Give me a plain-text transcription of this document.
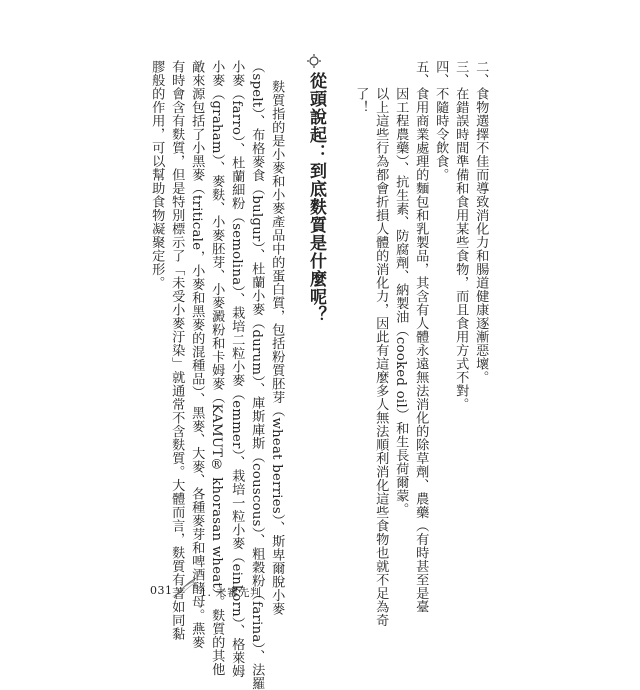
二、食物選擇不佳而導致消化力和腸道健康逐漸惡壞。
三、在錯誤時間準備和食用某些食物，而且食用方式不對。
四、不隨時令飲食。
五、食用商業處理的麵包和乳製品，其含有人體永遠無法消化的除草劑、農藥（有時甚至是臺
　　因工程農藥）、抗生素、防腐劑、納製油（cooked oil）和生長荷爾蒙。
　　以上這些行為都會折損人體的消化力，因此有這麼多人無法順利消化這些食物也就不足為奇
　　了！
從頭說起：到底麩質是什麼呢？
麩質指的是小麥和小麥產品中的蛋白質，包括粉質胚芽（wheat berries）、斯卑爾脫小麥
（spelt）、布格麥食（bulgur）、杜蘭小麥（durum）、庫斯庫斯（couscous）、粗穀粉（farina）、法羅
小麥（farro）、杜蘭細粉（semolina）、栽培二粒小麥（emmer）、栽培一粒小麥（einkorn）、格萊姆
小麥（graham）、麥麩、小麥胚芽、小麥澱粉和卡姆麥（KAMUT® khorasan wheat）。麩質的其他
敵來源包括了小黑麥（triticale，小麥和黑麥的混種品）、黑麥、大麥、各種麥芽和啤酒酵母。燕麥
有時會含有麩質，但是特別標示了「未受小麥汙染」就通常不含麩質。大體而言，麩質有著如同黏
膠般的作用，可以幫助食物凝聚定形。
031	1. 未審先判
